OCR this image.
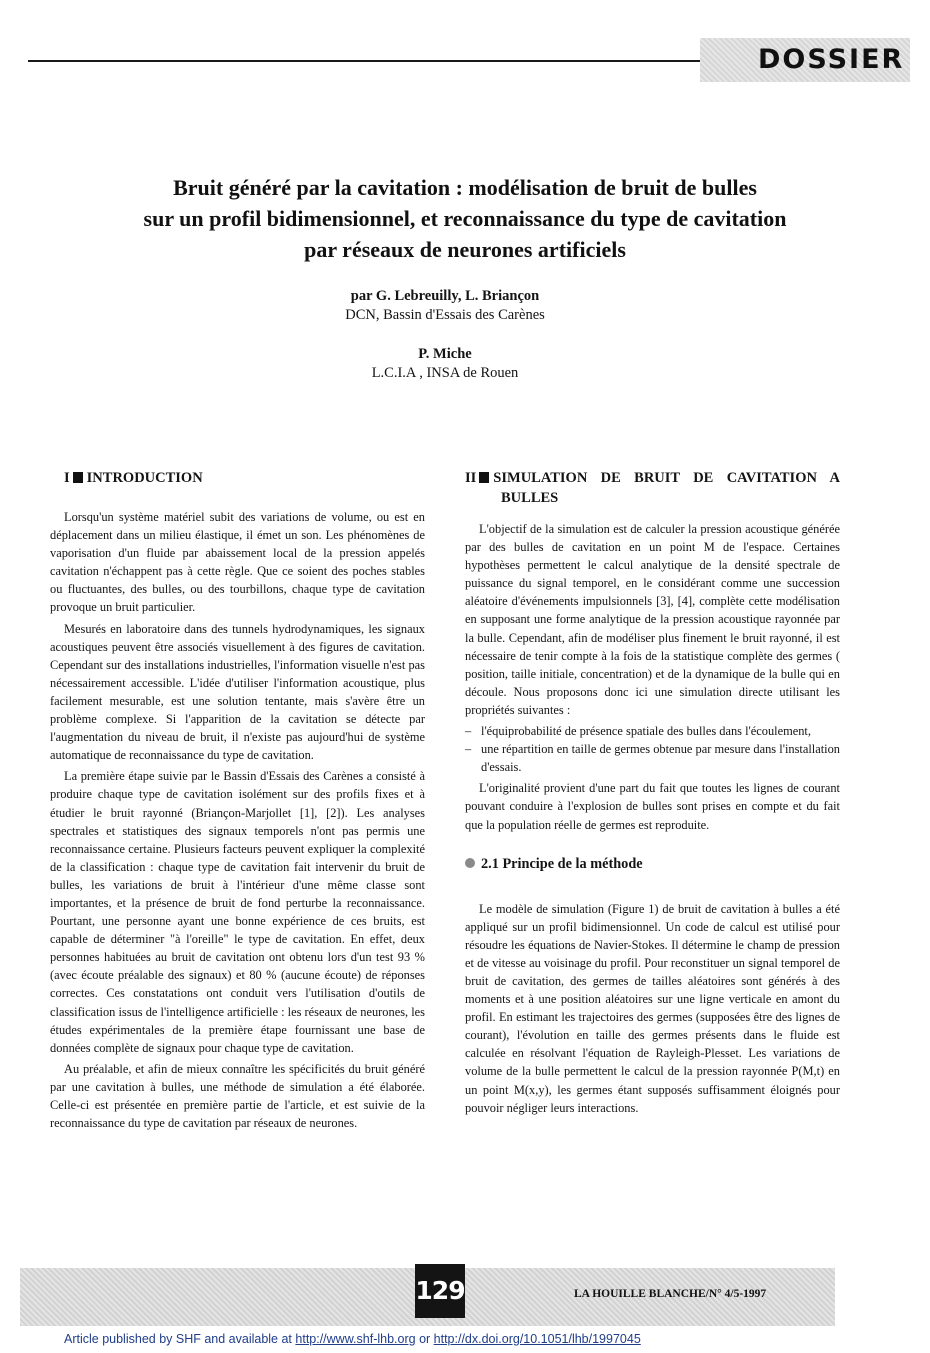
DOSSIER
Bruit généré par la cavitation : modélisation de bruit de bulles
sur un profil bidimensionnel, et reconnaissance du type de cavitation
par réseaux de neurones artificiels
par G. Lebreuilly, L. Briançon
DCN, Bassin d'Essais des Carènes
P. Miche
L.C.I.A , INSA de Rouen

I INTRODUCTION

Lorsqu'un système matériel subit des variations de volume, ou est en déplacement dans un milieu élastique, il émet un son. Les phénomènes de vaporisation d'un fluide par abaissement local de la pression appelés cavitation n'échappent pas à cette règle. Que ce soient des poches stables ou fluctuantes, des bulles, ou des tourbillons, chaque type de cavitation provoque un bruit particulier.

Mesurés en laboratoire dans des tunnels hydrodynamiques, les signaux acoustiques peuvent être associés visuellement à des figures de cavitation. Cependant sur des installations industrielles, l'information visuelle n'est pas nécessairement accessible. L'idée d'utiliser l'information acoustique, plus facilement mesurable, est une solution tentante, mais s'avère être un problème complexe. Si l'apparition de la cavitation se détecte par l'augmentation du niveau de bruit, il n'existe pas aujourd'hui de système automatique de reconnaissance du type de cavitation.

La première étape suivie par le Bassin d'Essais des Carènes a consisté à produire chaque type de cavitation isolément sur des profils fixes et à étudier le bruit rayonné (Briançon-Marjollet [1], [2]). Les analyses spectrales et statistiques des signaux temporels n'ont pas permis une reconnaissance certaine. Plusieurs facteurs peuvent expliquer la complexité de la classification : chaque type de cavitation fait intervenir du bruit de bulles, les variations de bruit à l'intérieur d'une même classe sont importantes, et la présence de bruit de fond perturbe la reconnaissance. Pourtant, une personne ayant une bonne expérience de ces bruits, est capable de déterminer "à l'oreille" le type de cavitation. En effet, deux personnes habituées au bruit de cavitation ont obtenu lors d'un test 93 % (avec écoute préalable des signaux) et 80 % (aucune écoute) de réponses correctes. Ces constatations ont conduit vers l'utilisation d'outils de classification issus de l'intelligence artificielle : les réseaux de neurones, les études expérimentales de la première étape fournissant une base de données complète de signaux pour chaque type de cavitation.

Au préalable, et afin de mieux connaître les spécificités du bruit généré par une cavitation à bulles, une méthode de simulation a été élaborée. Celle-ci est présentée en première partie de l'article, et est suivie de la reconnaissance du type de cavitation par réseaux de neurones.

II SIMULATION DE BRUIT DE CAVITATION A BULLES

L'objectif de la simulation est de calculer la pression acoustique générée par des bulles de cavitation en un point M de l'espace. Certaines hypothèses permettent le calcul analytique de la densité spectrale de puissance du signal temporel, en le considérant comme une succession aléatoire d'événements impulsionnels [3], [4], complète cette modélisation en supposant une forme analytique de la pression acoustique rayonnée par la bulle. Cependant, afin de modéliser plus finement le bruit rayonné, il est nécessaire de tenir compte à la fois de la statistique complète des germes ( position, taille initiale, concentration) et de la dynamique de la bulle qui en découle. Nous proposons donc ici une simulation directe utilisant les propriétés suivantes :

– l'équiprobabilité de présence spatiale des bulles dans l'écoulement,
– une répartition en taille de germes obtenue par mesure dans l'installation d'essais.

L'originalité provient d'une part du fait que toutes les lignes de courant pouvant conduire à l'explosion de bulles sont prises en compte et du fait que la population réelle de germes est reproduite.

2.1 Principe de la méthode

Le modèle de simulation (Figure 1) de bruit de cavitation à bulles a été appliqué sur un profil bidimensionnel. Un code de calcul est utilisé pour résoudre les équations de Navier-Stokes. Il détermine le champ de pression et de vitesse au voisinage du profil. Pour reconstituer un signal temporel de bruit de cavitation, des germes de tailles aléatoires sont générés à des moments et à une position aléatoires sur une ligne verticale en amont du profil. En estimant les trajectoires des germes (supposées être des lignes de courant), l'évolution en taille des germes présents dans le fluide est calculée en résolvant l'équation de Rayleigh-Plesset. Les variations de volume de la bulle permettent le calcul de la pression rayonnée P(M,t) en un point M(x,y), les germes étant supposés suffisamment éloignés pour pouvoir négliger leurs interactions.

129	LA HOUILLE BLANCHE/N° 4/5-1997
Article published by SHF and available at http://www.shf-lhb.org or http://dx.doi.org/10.1051/lhb/1997045
